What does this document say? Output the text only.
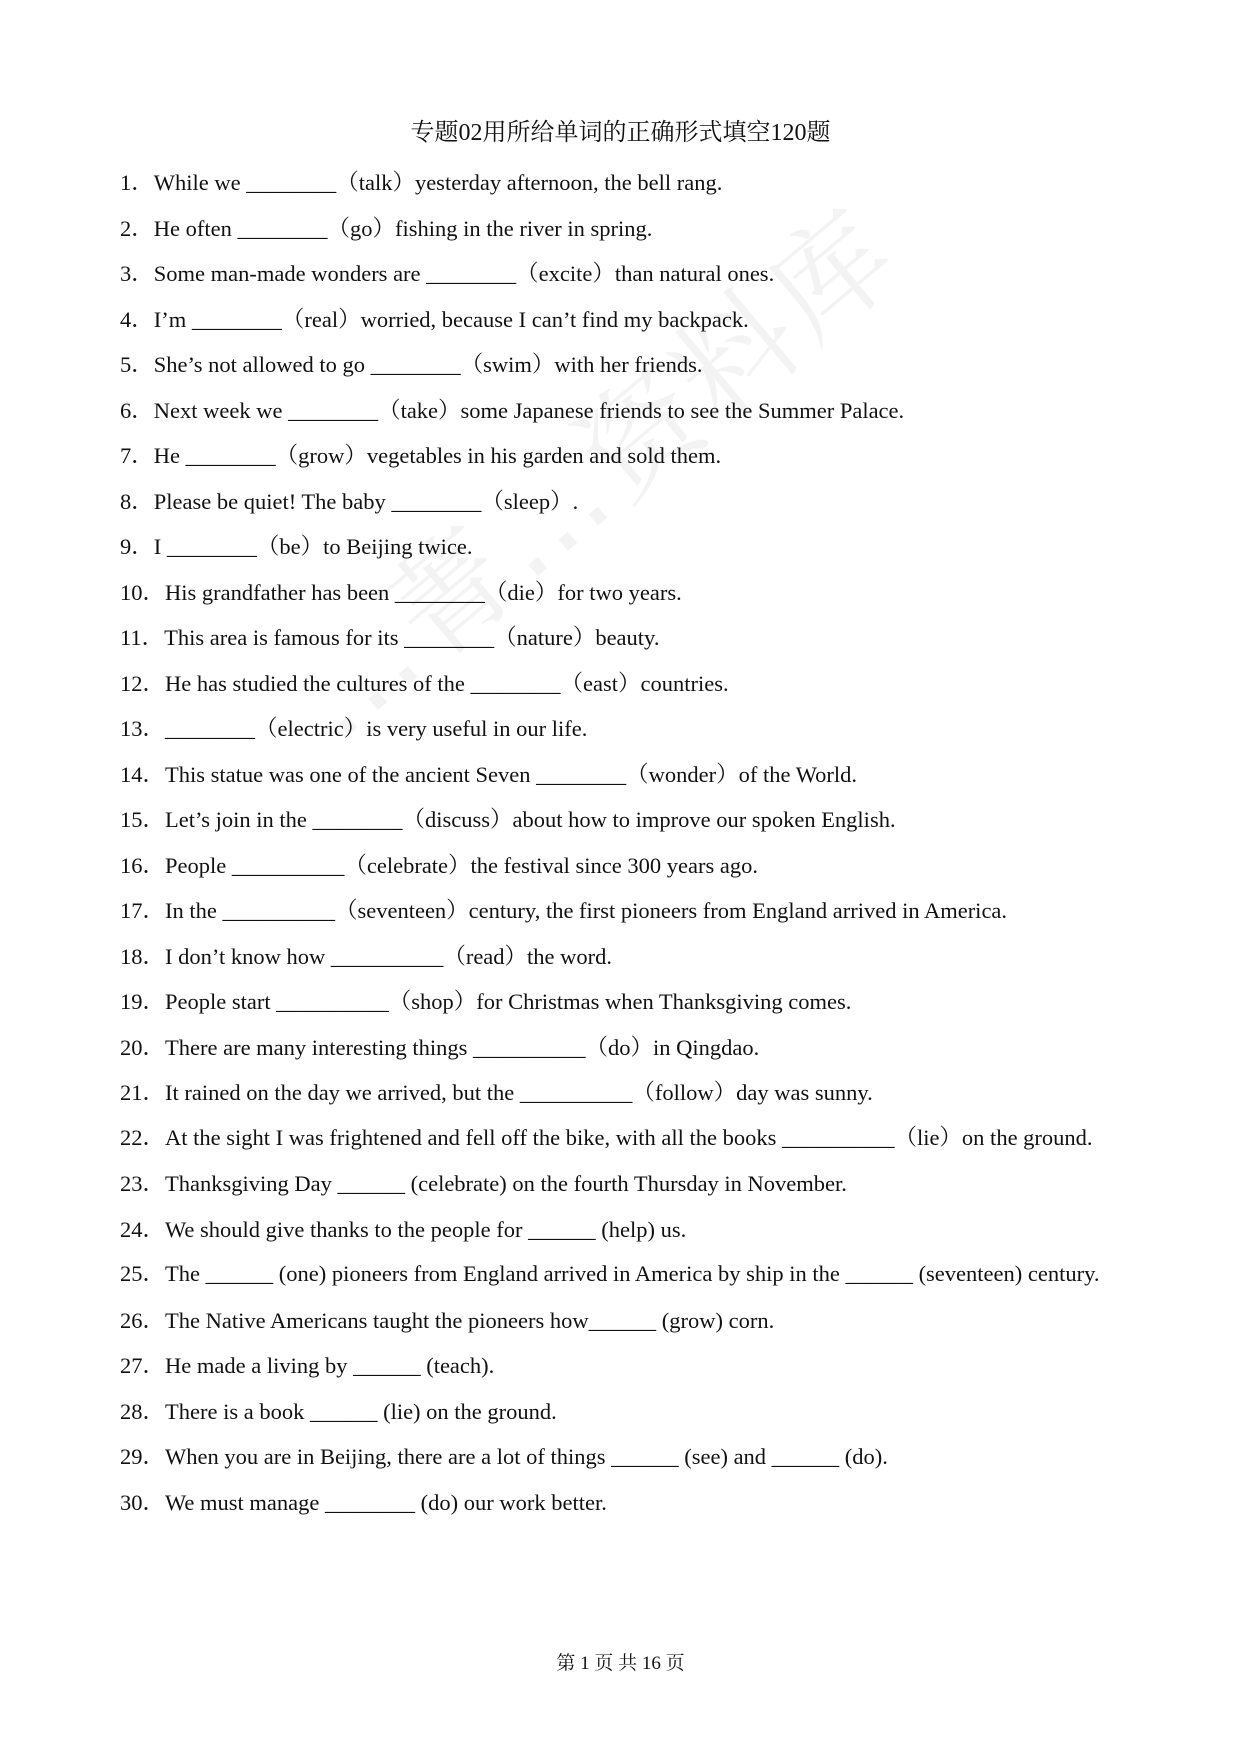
专题02用所给单词的正确形式填空120题
1．While we ________（talk）yesterday afternoon, the bell rang.
2．He often ________（go）fishing in the river in spring.
3．Some man-made wonders are ________（excite）than natural ones.
4．I’m ________（real）worried, because I can’t find my backpack.
5．She’s not allowed to go ________（swim）with her friends.
6．Next week we ________（take）some Japanese friends to see the Summer Palace.
7．He ________（grow）vegetables in his garden and sold them.
8．Please be quiet! The baby ________（sleep）.
9．I ________（be）to Beijing twice.
10．His grandfather has been ________（die）for two years.
11．This area is famous for its ________（nature）beauty.
12．He has studied the cultures of the ________（east）countries.
13．________（electric）is very useful in our life.
14．This statue was one of the ancient Seven ________（wonder）of the World.
15．Let’s join in the ________（discuss）about how to improve our spoken English.
16．People __________（celebrate）the festival since 300 years ago.
17．In the __________（seventeen）century, the first pioneers from England arrived in America.
18．I don’t know how __________（read）the word.
19．People start __________（shop）for Christmas when Thanksgiving comes.
20．There are many interesting things __________（do）in Qingdao.
21．It rained on the day we arrived, but the __________（follow）day was sunny.
22．At the sight I was frightened and fell off the bike, with all the books __________（lie）on the ground.
23．Thanksgiving Day ______ (celebrate) on the fourth Thursday in November.
24．We should give thanks to the people for ______ (help) us.
25．The ______ (one) pioneers from England arrived in America by ship in the ______ (seventeen) century.
26．The Native Americans taught the pioneers how______ (grow) corn.
27．He made a living by ______ (teach).
28．There is a book ______ (lie) on the ground.
29．When you are in Beijing, there are a lot of things ______ (see) and ______ (do).
30．We must manage ________ (do) our work better.
第 1 页 共 16 页
